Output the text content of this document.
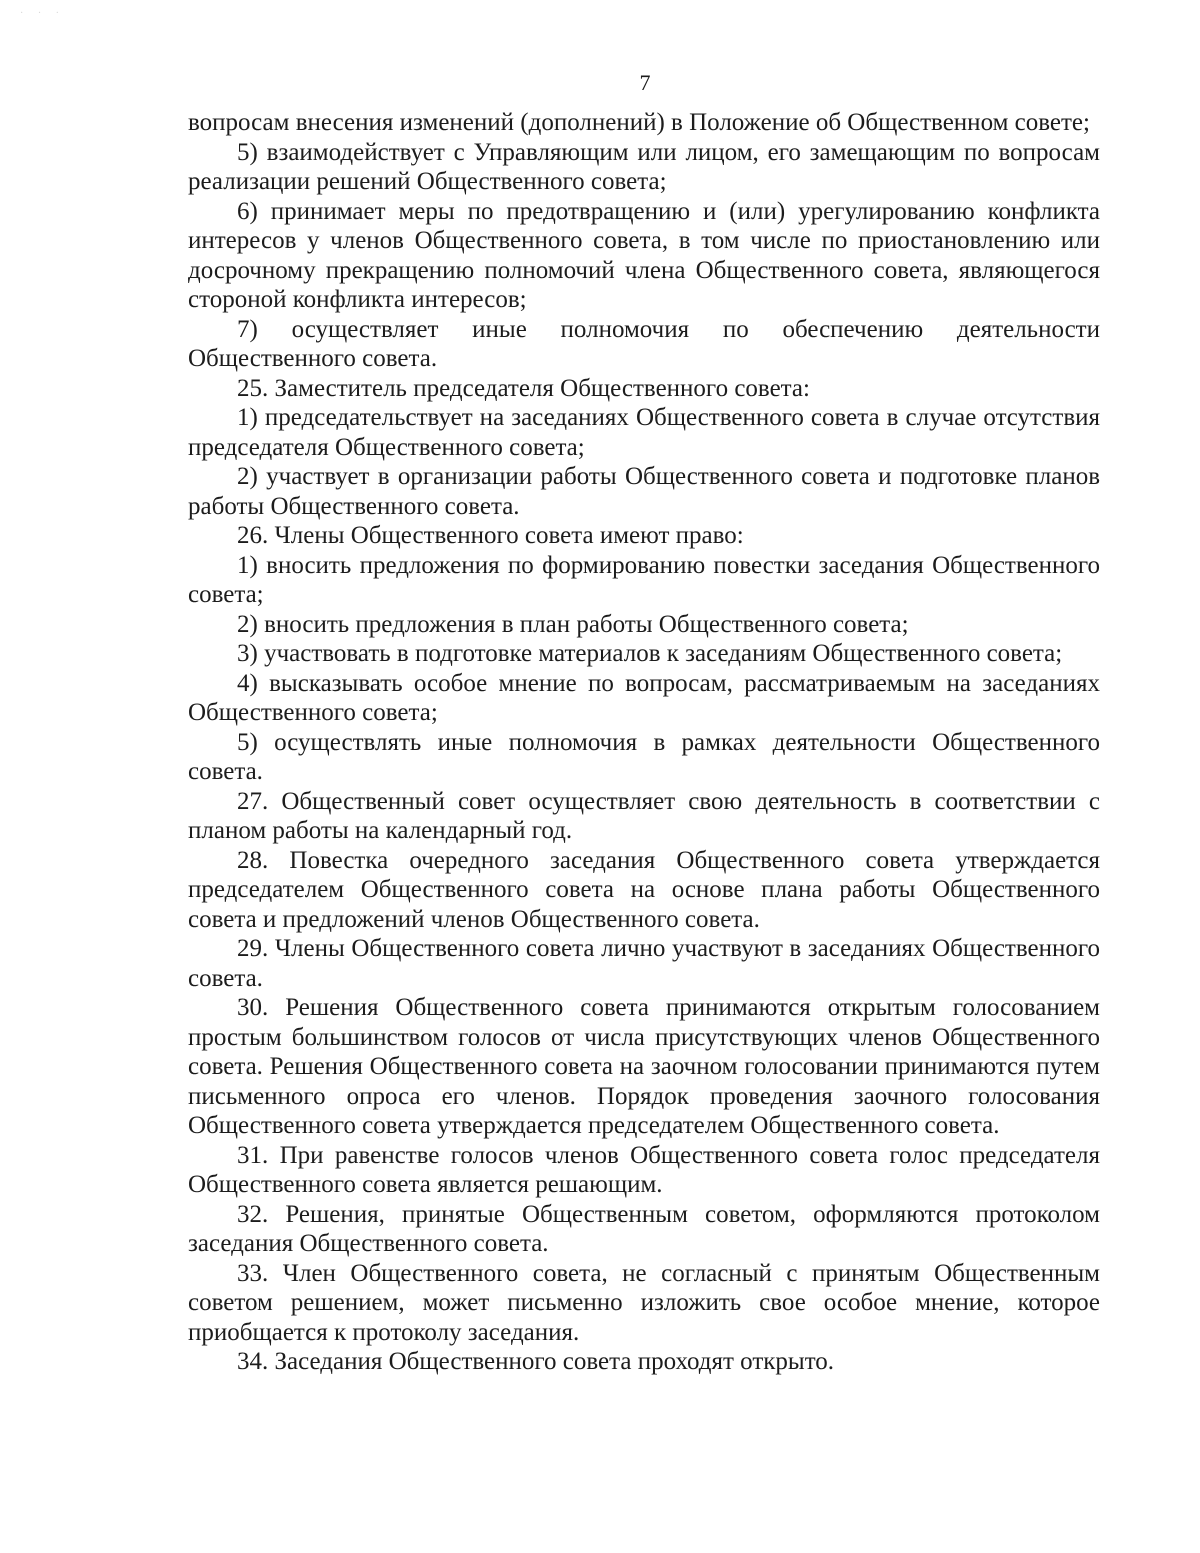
· · ·
7

вопросам внесения изменений (дополнений) в Положение об Общественном совете;

5) взаимодействует с Управляющим или лицом, его замещающим по вопросам реализации решений Общественного совета;

6) принимает меры по предотвращению и (или) урегулированию конфликта интересов у членов Общественного совета, в том числе по приостановлению или досрочному прекращению полномочий члена Общественного совета, являющегося стороной конфликта интересов;

7) осуществляет иные полномочия по обеспечению деятельности Общественного совета.

25. Заместитель председателя Общественного совета:

1) председательствует на заседаниях Общественного совета в случае отсутствия председателя Общественного совета;

2) участвует в организации работы Общественного совета и подготовке планов работы Общественного совета.

26. Члены Общественного совета имеют право:

1) вносить предложения по формированию повестки заседания Общественного совета;

2) вносить предложения в план работы Общественного совета;

3) участвовать в подготовке материалов к заседаниям Общественного совета;

4) высказывать особое мнение по вопросам, рассматриваемым на заседаниях Общественного совета;

5) осуществлять иные полномочия в рамках деятельности Общественного совета.

27. Общественный совет осуществляет свою деятельность в соответствии с планом работы на календарный год.

28. Повестка очередного заседания Общественного совета утверждается председателем Общественного совета на основе плана работы Общественного совета и предложений членов Общественного совета.

29. Члены Общественного совета лично участвуют в заседаниях Общественного совета.

30. Решения Общественного совета принимаются открытым голосованием простым большинством голосов от числа присутствующих членов Общественного совета. Решения Общественного совета на заочном голосовании принимаются путем письменного опроса его членов. Порядок проведения заочного голосования Общественного совета утверждается председателем Общественного совета.

31. При равенстве голосов членов Общественного совета голос председателя Общественного совета является решающим.

32. Решения, принятые Общественным советом, оформляются протоколом заседания Общественного совета.

33. Член Общественного совета, не согласный с принятым Общественным советом решением, может письменно изложить свое особое мнение, которое приобщается к протоколу заседания.

34. Заседания Общественного совета проходят открыто.
